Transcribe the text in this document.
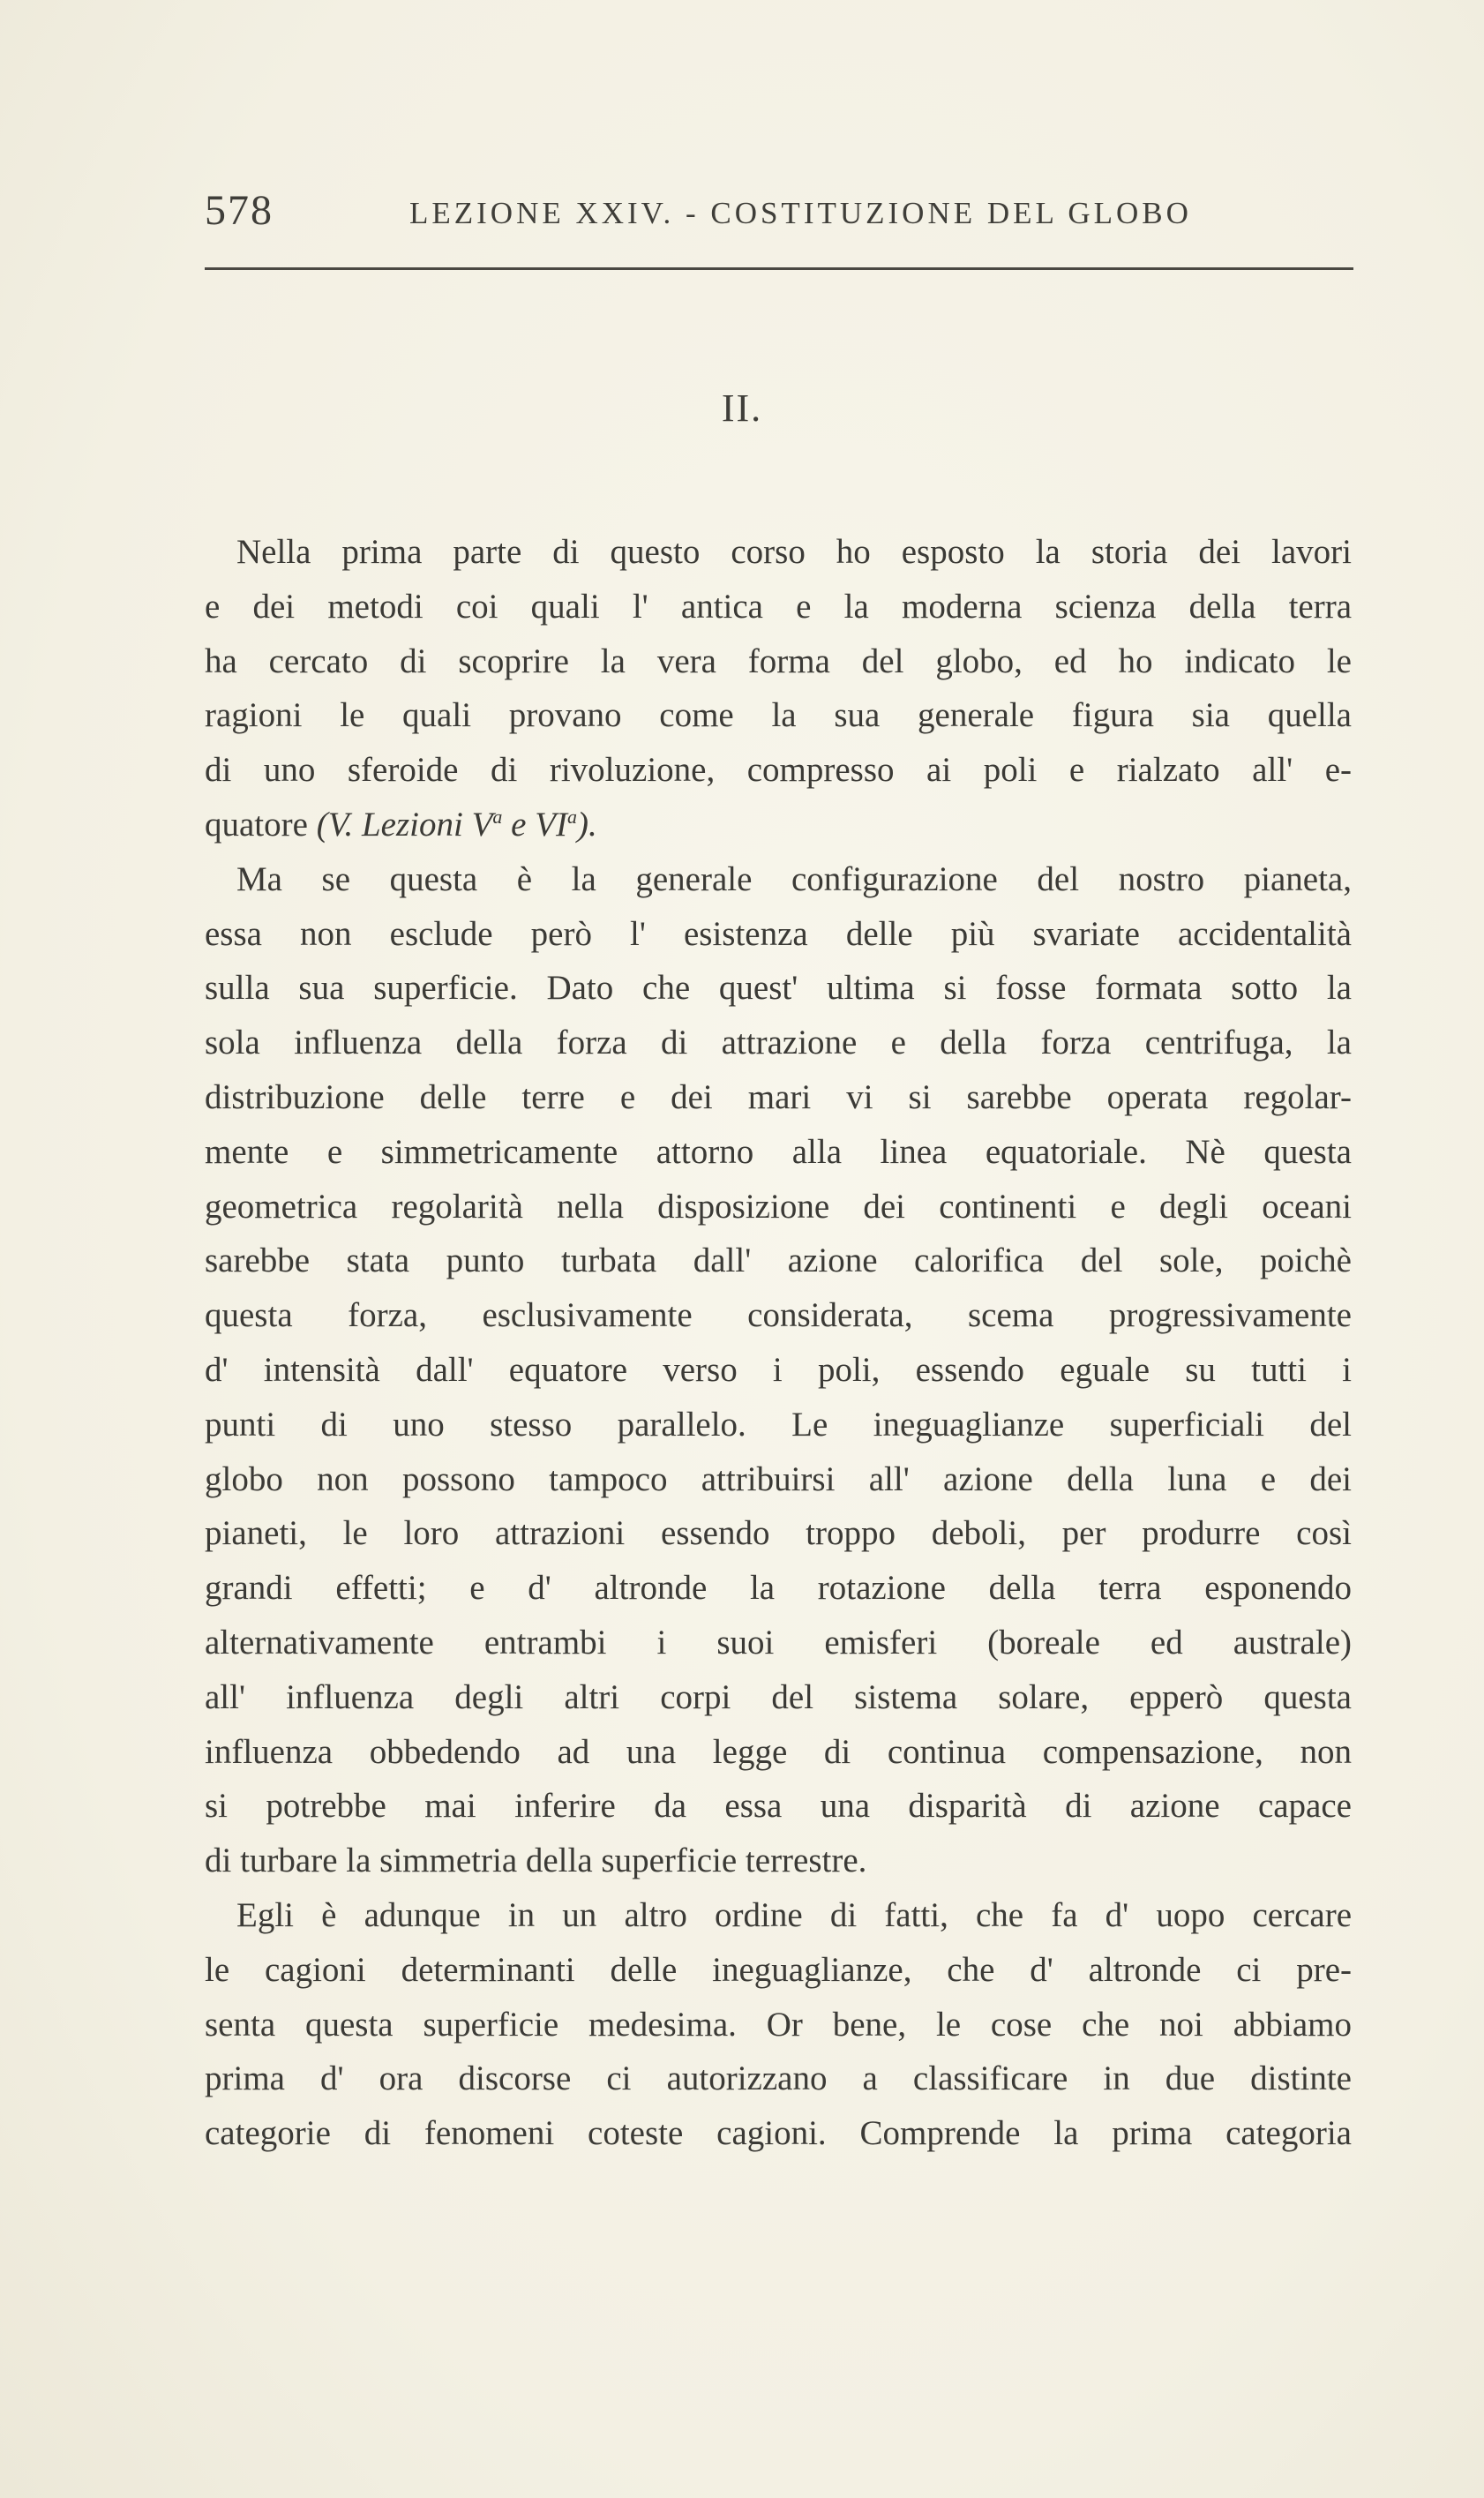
578	LEZIONE XXIV. - COSTITUZIONE DEL GLOBO
II.
Nella prima parte di questo corso ho esposto la storia dei lavori
e dei metodi coi quali l' antica e la moderna scienza della terra
ha cercato di scoprire la vera forma del globo, ed ho indicato le
ragioni le quali provano come la sua generale figura sia quella
di uno sferoide di rivoluzione, compresso ai poli e rialzato all' e-
quatore (V. Lezioni $V^a$ e $VI^a$).
Ma se questa è la generale configurazione del nostro pianeta,
essa non esclude però l' esistenza delle più svariate accidentalità
sulla sua superficie. Dato che quest' ultima si fosse formata sotto la
sola influenza della forza di attrazione e della forza centrifuga, la
distribuzione delle terre e dei mari vi si sarebbe operata regolar-
mente e simmetricamente attorno alla linea equatoriale. Nè questa
geometrica regolarità nella disposizione dei continenti e degli oceani
sarebbe stata punto turbata dall' azione calorifica del sole, poichè
questa forza, esclusivamente considerata, scema progressivamente
d' intensità dall' equatore verso i poli, essendo eguale su tutti i
punti di uno stesso parallelo. Le ineguaglianze superficiali del
globo non possono tampoco attribuirsi all' azione della luna e dei
pianeti, le loro attrazioni essendo troppo deboli, per produrre così
grandi effetti; e d' altronde la rotazione della terra esponendo
alternativamente entrambi i suoi emisferi (boreale ed australe)
all' influenza degli altri corpi del sistema solare, epperò questa
influenza obbedendo ad una legge di continua compensazione, non
si potrebbe mai inferire da essa una disparità di azione capace
di turbare la simmetria della superficie terrestre.
Egli è adunque in un altro ordine di fatti, che fa d' uopo cercare
le cagioni determinanti delle ineguaglianze, che d' altronde ci pre-
senta questa superficie medesima. Or bene, le cose che noi abbiamo
prima d' ora discorse ci autorizzano a classificare in due distinte
categorie di fenomeni coteste cagioni. Comprende la prima categoria
